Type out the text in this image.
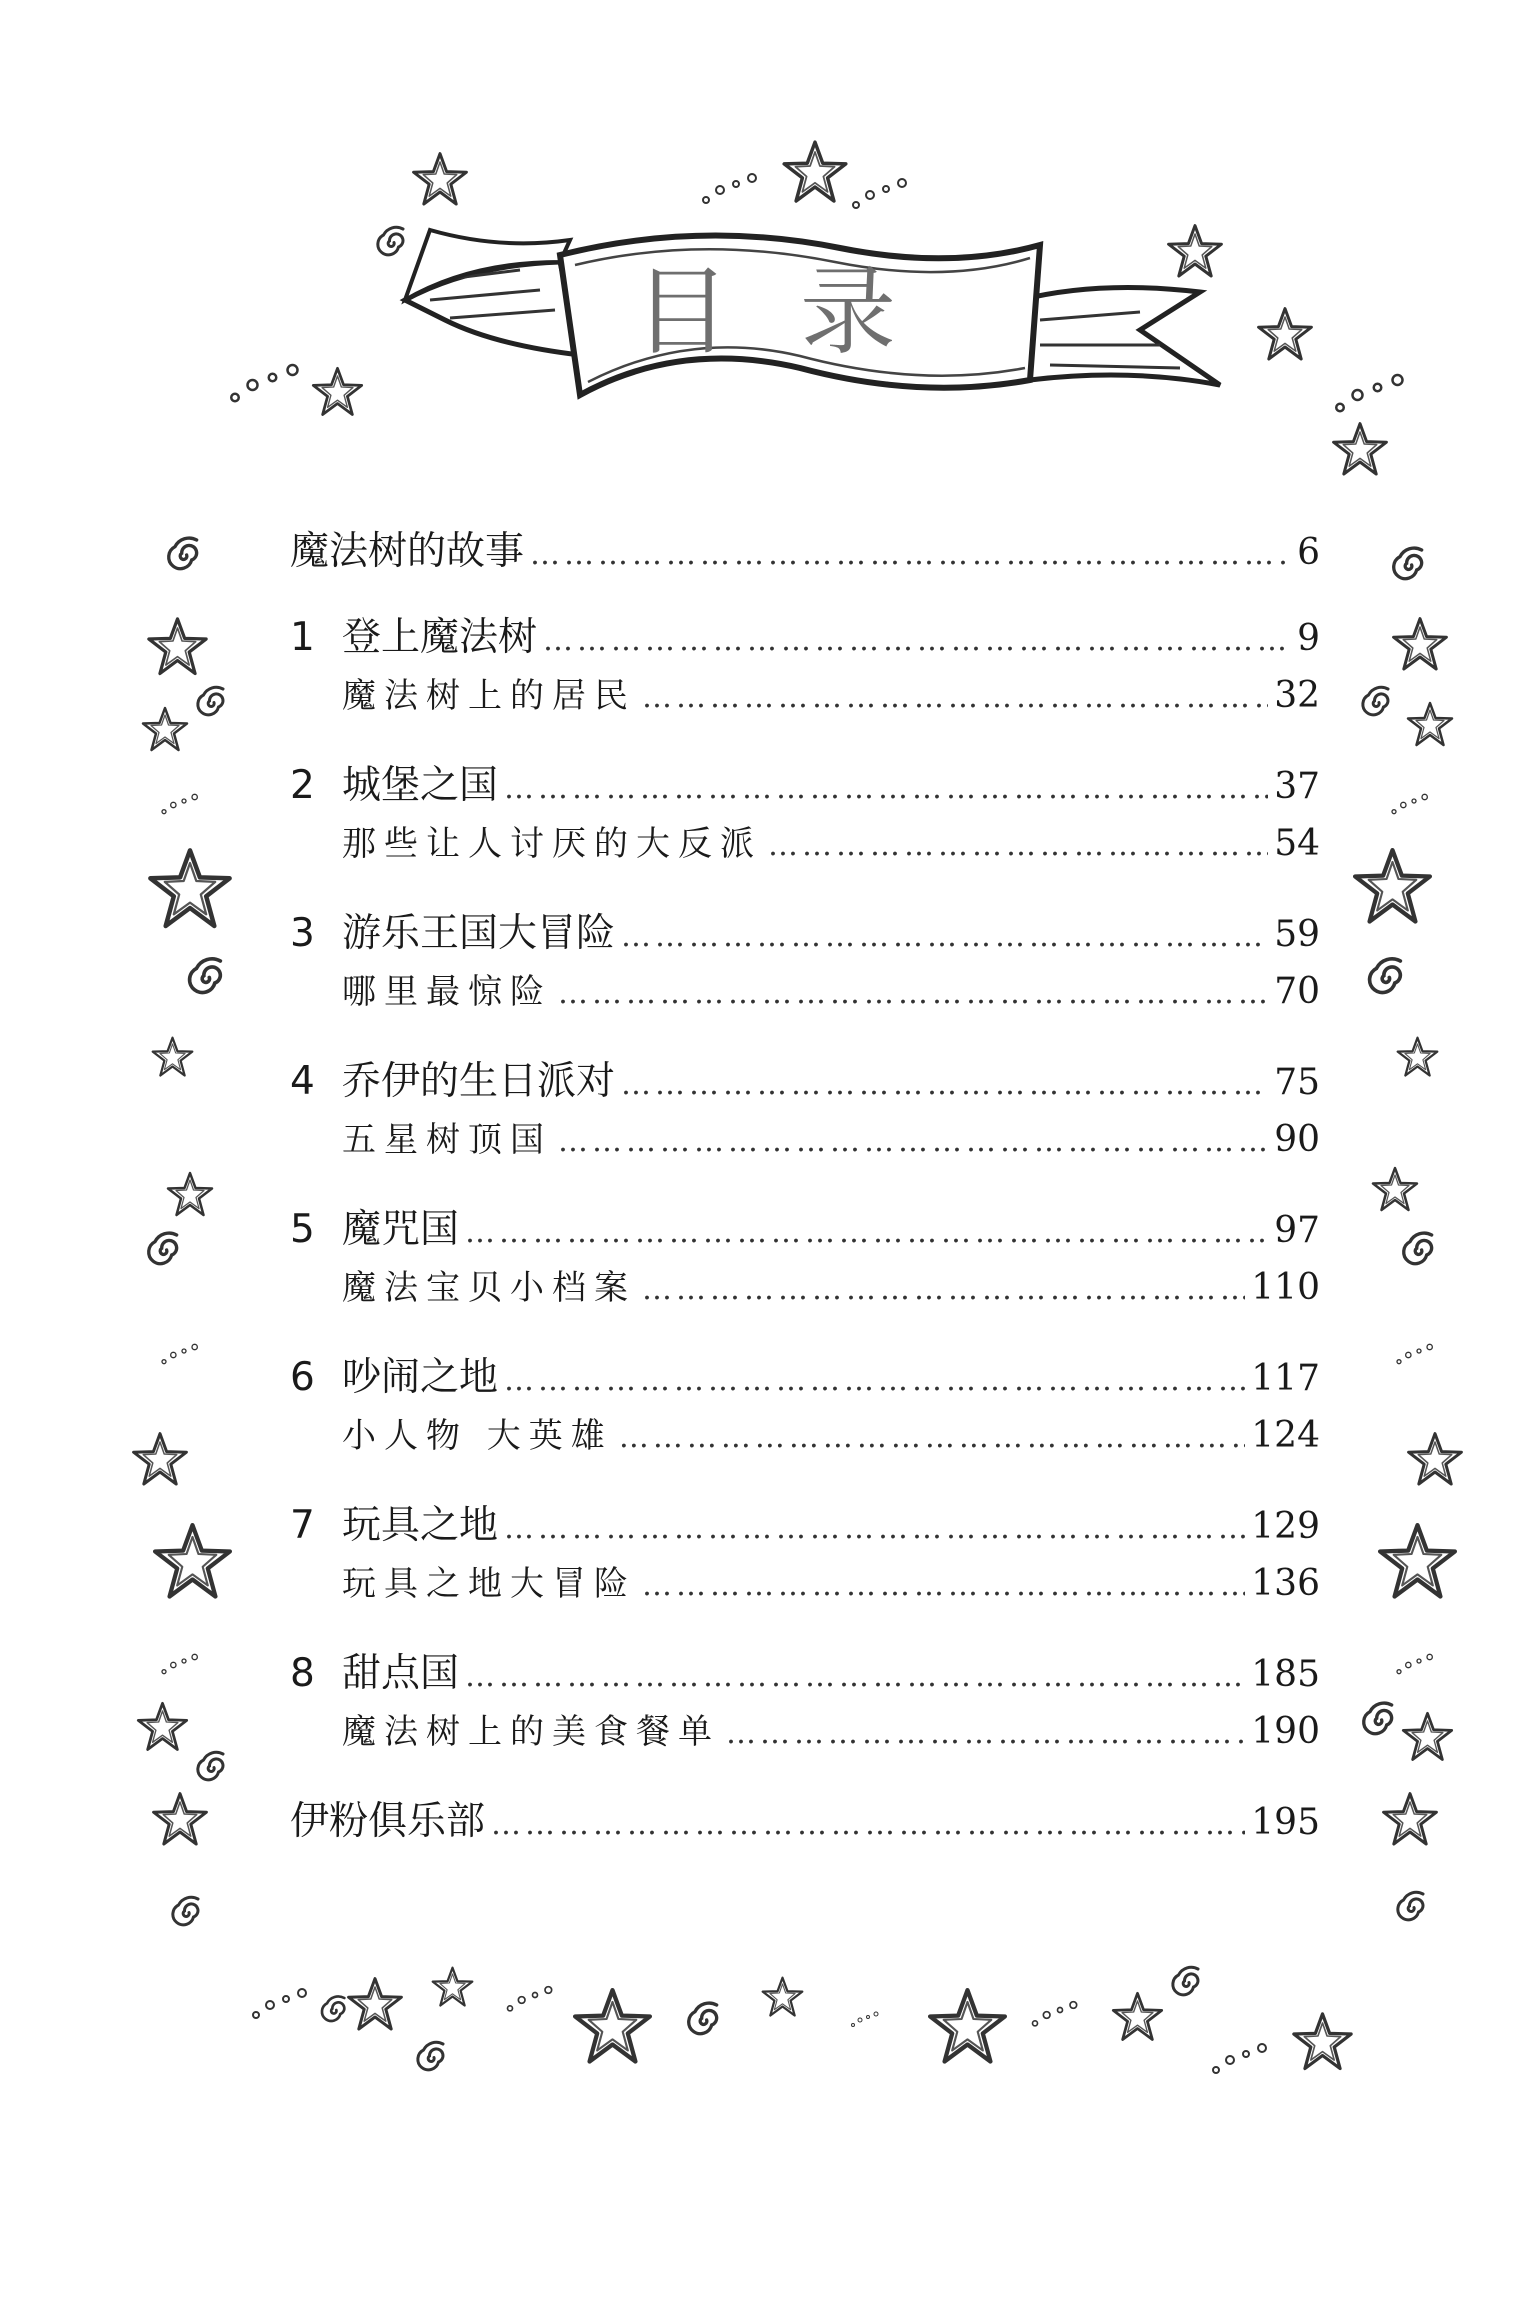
目录
魔法树的故事 ……………………………………………………………………………………………………………………	6
1 登上魔法树 ……………………………………………………………………………………………………………………	9
魔法树上的居民 ……………………………………………………………………………………………………………………	32
2 城堡之国 ……………………………………………………………………………………………………………………	37
那些让人讨厌的大反派 ……………………………………………………………………………………………………………………	54
3 游乐王国大冒险 ……………………………………………………………………………………………………………………	59
哪里最惊险 ……………………………………………………………………………………………………………………	70
4 乔伊的生日派对 ……………………………………………………………………………………………………………………	75
五星树顶国 ……………………………………………………………………………………………………………………	90
5 魔咒国 ……………………………………………………………………………………………………………………	97
魔法宝贝小档案 ……………………………………………………………………………………………………………………	110
6 吵闹之地 ……………………………………………………………………………………………………………………	117
小人物 大英雄 ……………………………………………………………………………………………………………………	124
7 玩具之地 ……………………………………………………………………………………………………………………	129
玩具之地大冒险 ……………………………………………………………………………………………………………………	136
8 甜点国 ……………………………………………………………………………………………………………………	185
魔法树上的美食餐单 ……………………………………………………………………………………………………………………	190
伊粉俱乐部 ……………………………………………………………………………………………………………………	195
